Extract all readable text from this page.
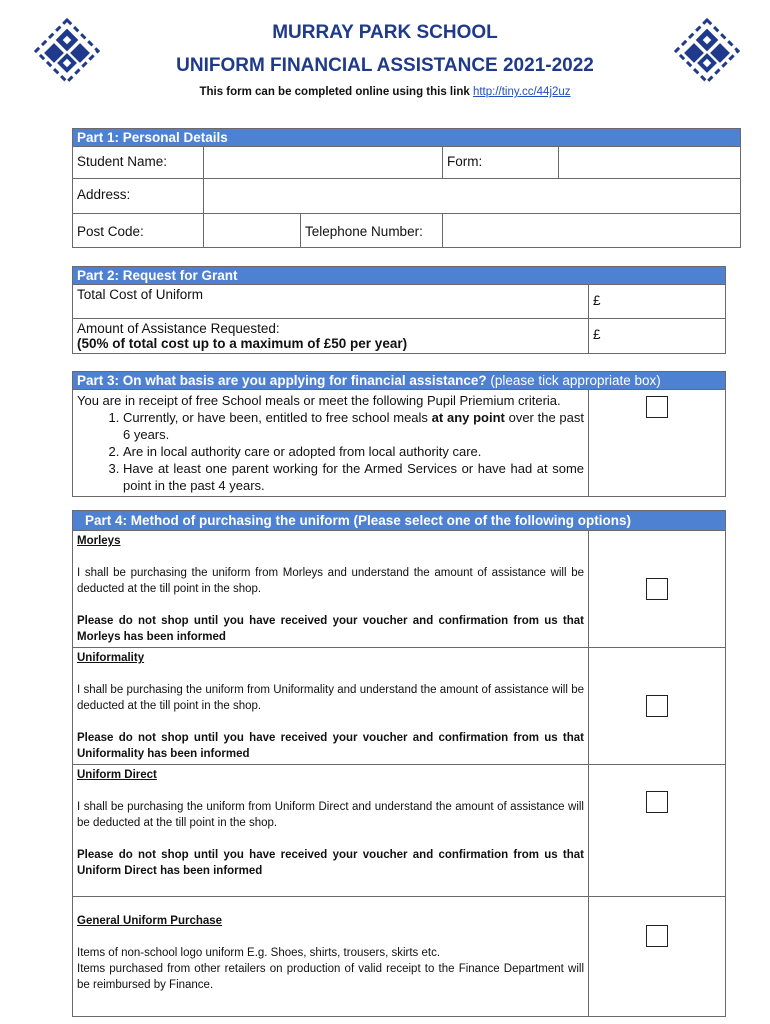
MURRAY PARK SCHOOL
UNIFORM FINANCIAL ASSISTANCE 2021-2022
This form can be completed online using this link http://tiny.cc/44j2uz
Part 1: Personal Details				
Student Name:			Form:	
Address:				
Post Code:		Telephone Number:		
Part 2: Request for Grant	
Total Cost of Uniform	£

Amount of Assistance Requested:
(50% of total cost up to a maximum of £50 per year)	£
Part 3: On what basis are you applying for financial assistance? (please tick appropriate box)

You are in receipt of free School meals or meet the following Pupil Priemium criteria.
1. Currently, or have been, entitled to free school meals at any point over the past 6 years.
2. Are in local authority care or adopted from local authority care.
3. Have at least one parent working for the Armed Services or have had at some point in the past 4 years.

Part 4: Method of purchasing the uniform (Please select one of the following options)	

Morleys

I shall be purchasing the uniform from Morleys and understand the amount of assistance will be deducted at the till point in the shop.

Please do not shop until you have received your voucher and confirmation from us that Morleys has been informed	

Uniformality

I shall be purchasing the uniform from Uniformality and understand the amount of assistance will be deducted at the till point in the shop.

Please do not shop until you have received your voucher and confirmation from us that Uniformality has been informed	

Uniform Direct

I shall be purchasing the uniform from Uniform Direct and understand the amount of assistance will be deducted at the till point in the shop.

Please do not shop until you have received your voucher and confirmation from us that Uniform Direct has been informed	

General Uniform Purchase

Items of non-school logo uniform E.g. Shoes, shirts, trousers, skirts etc.

Items purchased from other retailers on production of valid receipt to the Finance Department will be reimbursed by Finance.	
